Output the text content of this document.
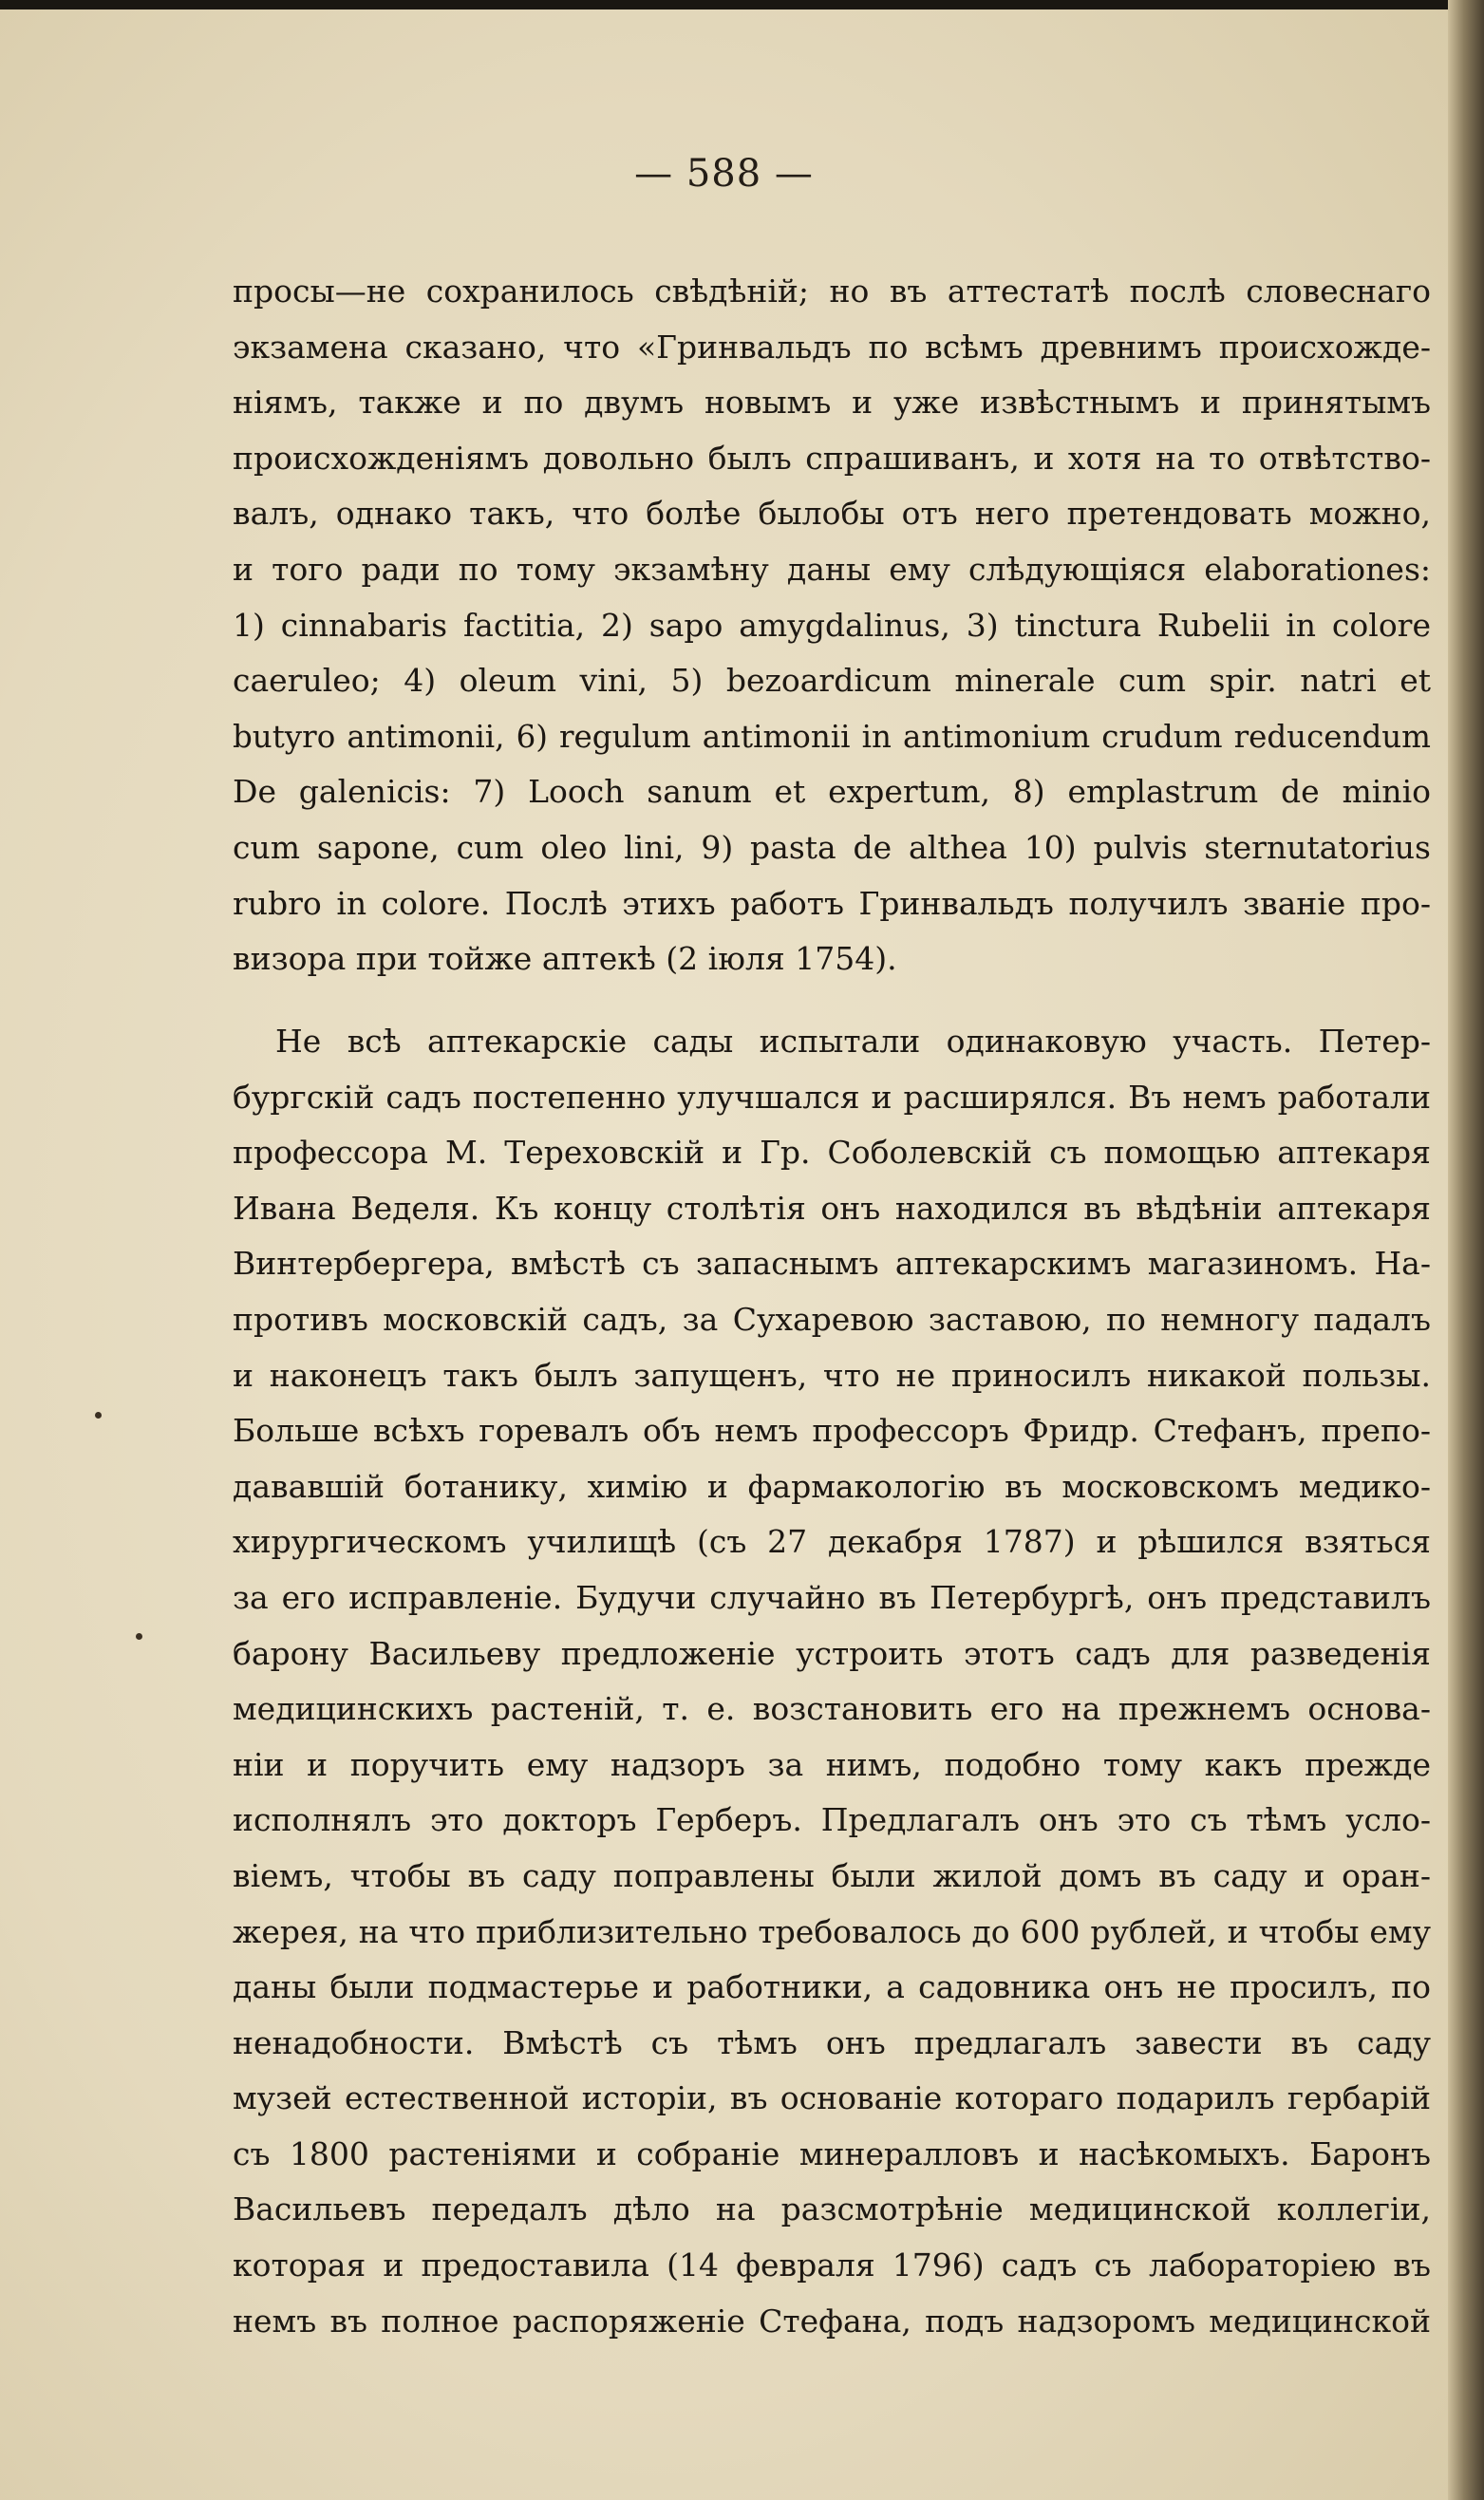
— 588 —
просы—не сохранилось свѣдѣній; но въ аттестатѣ послѣ словеснаго
экзамена сказано, что «Гринвальдъ по всѣмъ древнимъ происхожде-
ніямъ, также и по двумъ новымъ и уже извѣстнымъ и принятымъ
происхожденіямъ довольно былъ спрашиванъ, и хотя на то отвѣтство-
валъ, однако такъ, что болѣе былобы отъ него претендовать можно,
и того ради по тому экзамѣну даны ему слѣдующіяся elaborationes:
1) cinnabaris factitia, 2) sapo amygdalinus, 3) tinctura Rubelii in colore
caeruleo; 4) oleum vini, 5) bezoardicum minerale cum spir. natri et
butyro antimonii, 6) regulum antimonii in antimonium crudum reducendum
De galenicis: 7) Looch sanum et expertum, 8) emplastrum de minio
cum sapone, cum oleo lini, 9) pasta de althea 10) pulvis sternutatorius
rubro in colore. Послѣ этихъ работъ Гринвальдъ получилъ званіе про-
визора при тойже аптекѣ (2 іюля 1754).
Не всѣ аптекарскіе сады испытали одинаковую участь. Петер-
бургскій садъ постепенно улучшался и расширялся. Въ немъ работали
профессора М. Тереховскій и Гр. Соболевскій съ помощью аптекаря
Ивана Веделя. Къ концу столѣтія онъ находился въ вѣдѣніи аптекаря
Винтербергера, вмѣстѣ съ запаснымъ аптекарскимъ магазиномъ. На-
противъ московскій садъ, за Сухаревою заставою, по немногу падалъ
и наконецъ такъ былъ запущенъ, что не приносилъ никакой пользы.
Больше всѣхъ горевалъ объ немъ профессоръ Фридр. Стефанъ, препо-
дававшій ботанику, химію и фармакологію въ московскомъ медико-
хирургическомъ училищѣ (съ 27 декабря 1787) и рѣшился взяться
за его исправленіе. Будучи случайно въ Петербургѣ, онъ представилъ
барону Васильеву предложеніе устроить этотъ садъ для разведенія
медицинскихъ растеній, т. е. возстановить его на прежнемъ основа-
ніи и поручить ему надзоръ за нимъ, подобно тому какъ прежде
исполнялъ это докторъ Герберъ. Предлагалъ онъ это съ тѣмъ усло-
віемъ, чтобы въ саду поправлены были жилой домъ въ саду и оран-
жерея, на что приблизительно требовалось до 600 рублей, и чтобы ему
даны были подмастерье и работники, а садовника онъ не просилъ, по
ненадобности. Вмѣстѣ съ тѣмъ онъ предлагалъ завести въ саду
музей естественной исторіи, въ основаніе котораго подарилъ гербарій
съ 1800 растеніями и собраніе минералловъ и насѣкомыхъ. Баронъ
Васильевъ передалъ дѣло на разсмотрѣніе медицинской коллегіи,
которая и предоставила (14 февраля 1796) садъ съ лабораторіею въ
немъ въ полное распоряженіе Стефана, подъ надзоромъ медицинской
